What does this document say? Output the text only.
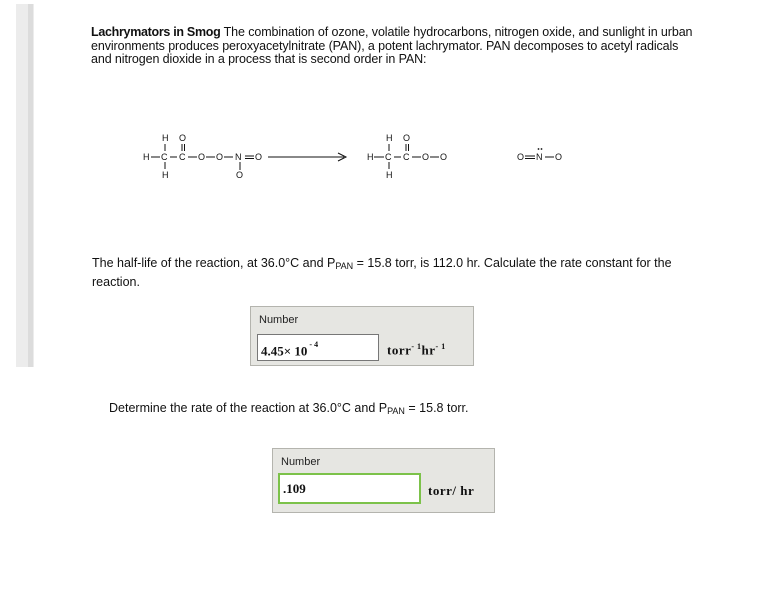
Lachrymators in Smog The combination of ozone, volatile hydrocarbons, nitrogen oxide, and sunlight in urban environments produces peroxyacetylnitrate (PAN), a potent lachrymator. PAN decomposes to acetyl radicals and nitrogen dioxide in a process that is second order in PAN:
H O
H C C O O N O
H	O
H O
H C C O O
H
O N O
The half-life of the reaction, at 36.0°C and $P_{PAN} = 15.8$ torr, is 112.0 hr. Calculate the rate constant for the reaction.
Number
4.45× 10 $^{- 4}$	$torr^{- 1}hr^{- 1}$
Determine the rate of the reaction at 36.0°C and $P_{PAN} = 15.8$ torr.
Number
.109	torr/ hr
